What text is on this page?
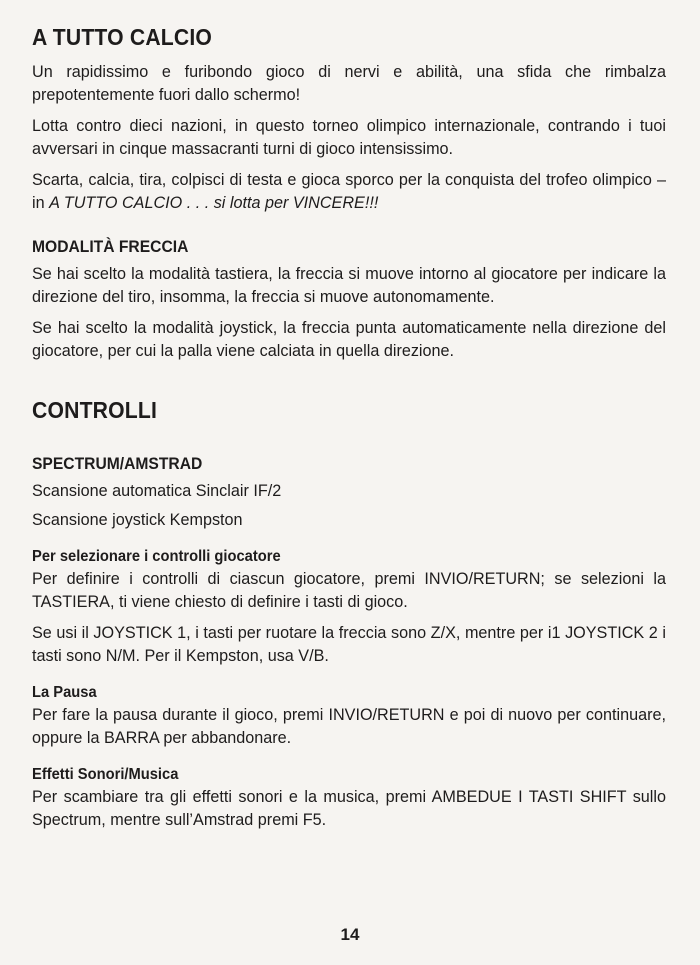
A TUTTO CALCIO

Un rapidissimo e furibondo gioco di nervi e abilità, una sfida che rimbalza prepotentemente fuori dallo schermo!

Lotta contro dieci nazioni, in questo torneo olimpico internazionale, contrando i tuoi avversari in cinque massacranti turni di gioco intensissimo.

Scarta, calcia, tira, colpisci di testa e gioca sporco per la conquista del trofeo olimpico – in A TUTTO CALCIO . . . si lotta per VINCERE!!!

MODALITÀ FRECCIA

Se hai scelto la modalità tastiera, la freccia si muove intorno al giocatore per indicare la direzione del tiro, insomma, la freccia si muove autonomamente.

Se hai scelto la modalità joystick, la freccia punta automaticamente nella direzione del giocatore, per cui la palla viene calciata in quella direzione.

CONTROLLI
SPECTRUM/AMSTRAD

Scansione automatica Sinclair IF/2

Scansione joystick Kempston

Per selezionare i controlli giocatore

Per definire i controlli di ciascun giocatore, premi INVIO/RETURN; se selezioni la TASTIERA, ti viene chiesto di definire i tasti di gioco.

Se usi il JOYSTICK 1, i tasti per ruotare la freccia sono Z/X, mentre per i1 JOYSTICK 2 i tasti sono N/M. Per il Kempston, usa V/B.

La Pausa

Per fare la pausa durante il gioco, premi INVIO/RETURN e poi di nuovo per continuare, oppure la BARRA per abbandonare.

Effetti Sonori/Musica

Per scambiare tra gli effetti sonori e la musica, premi AMBEDUE I TASTI SHIFT sullo Spectrum, mentre sull’Amstrad premi F5.

14
